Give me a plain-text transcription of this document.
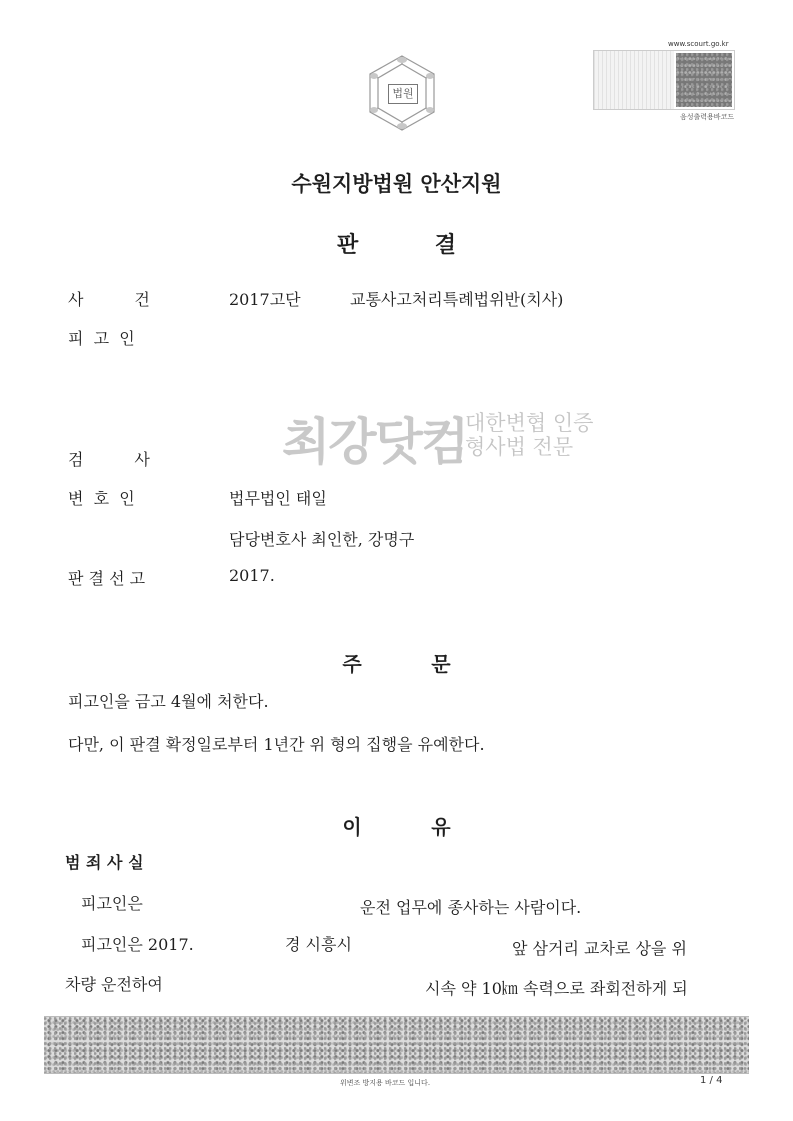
법원
www.scourt.go.kr
음성출력용바코드
수원지방법원 안산지원
판          결
사          건	2017고단	교통사고처리특례법위반(치사)
피  고  인
최강닷컴
대한변협 인증
형사법 전문
검          사
변  호  인	법무법인 태일
담당변호사 최인한, 강명구
판 결 선 고	2017.
주          문
피고인을 금고 4월에 처한다.
다만, 이 판결 확정일로부터 1년간 위 형의 집행을 유예한다.
이          유
범 죄 사 실
피고인은	운전 업무에 종사하는 사람이다.
피고인은 2017.	경 시흥시	앞 삼거리 교차로 상을 위
차량 운전하여	시속 약 10㎞ 속력으로 좌회전하게 되
위변조 방지용 바코드 입니다.	1 / 4
